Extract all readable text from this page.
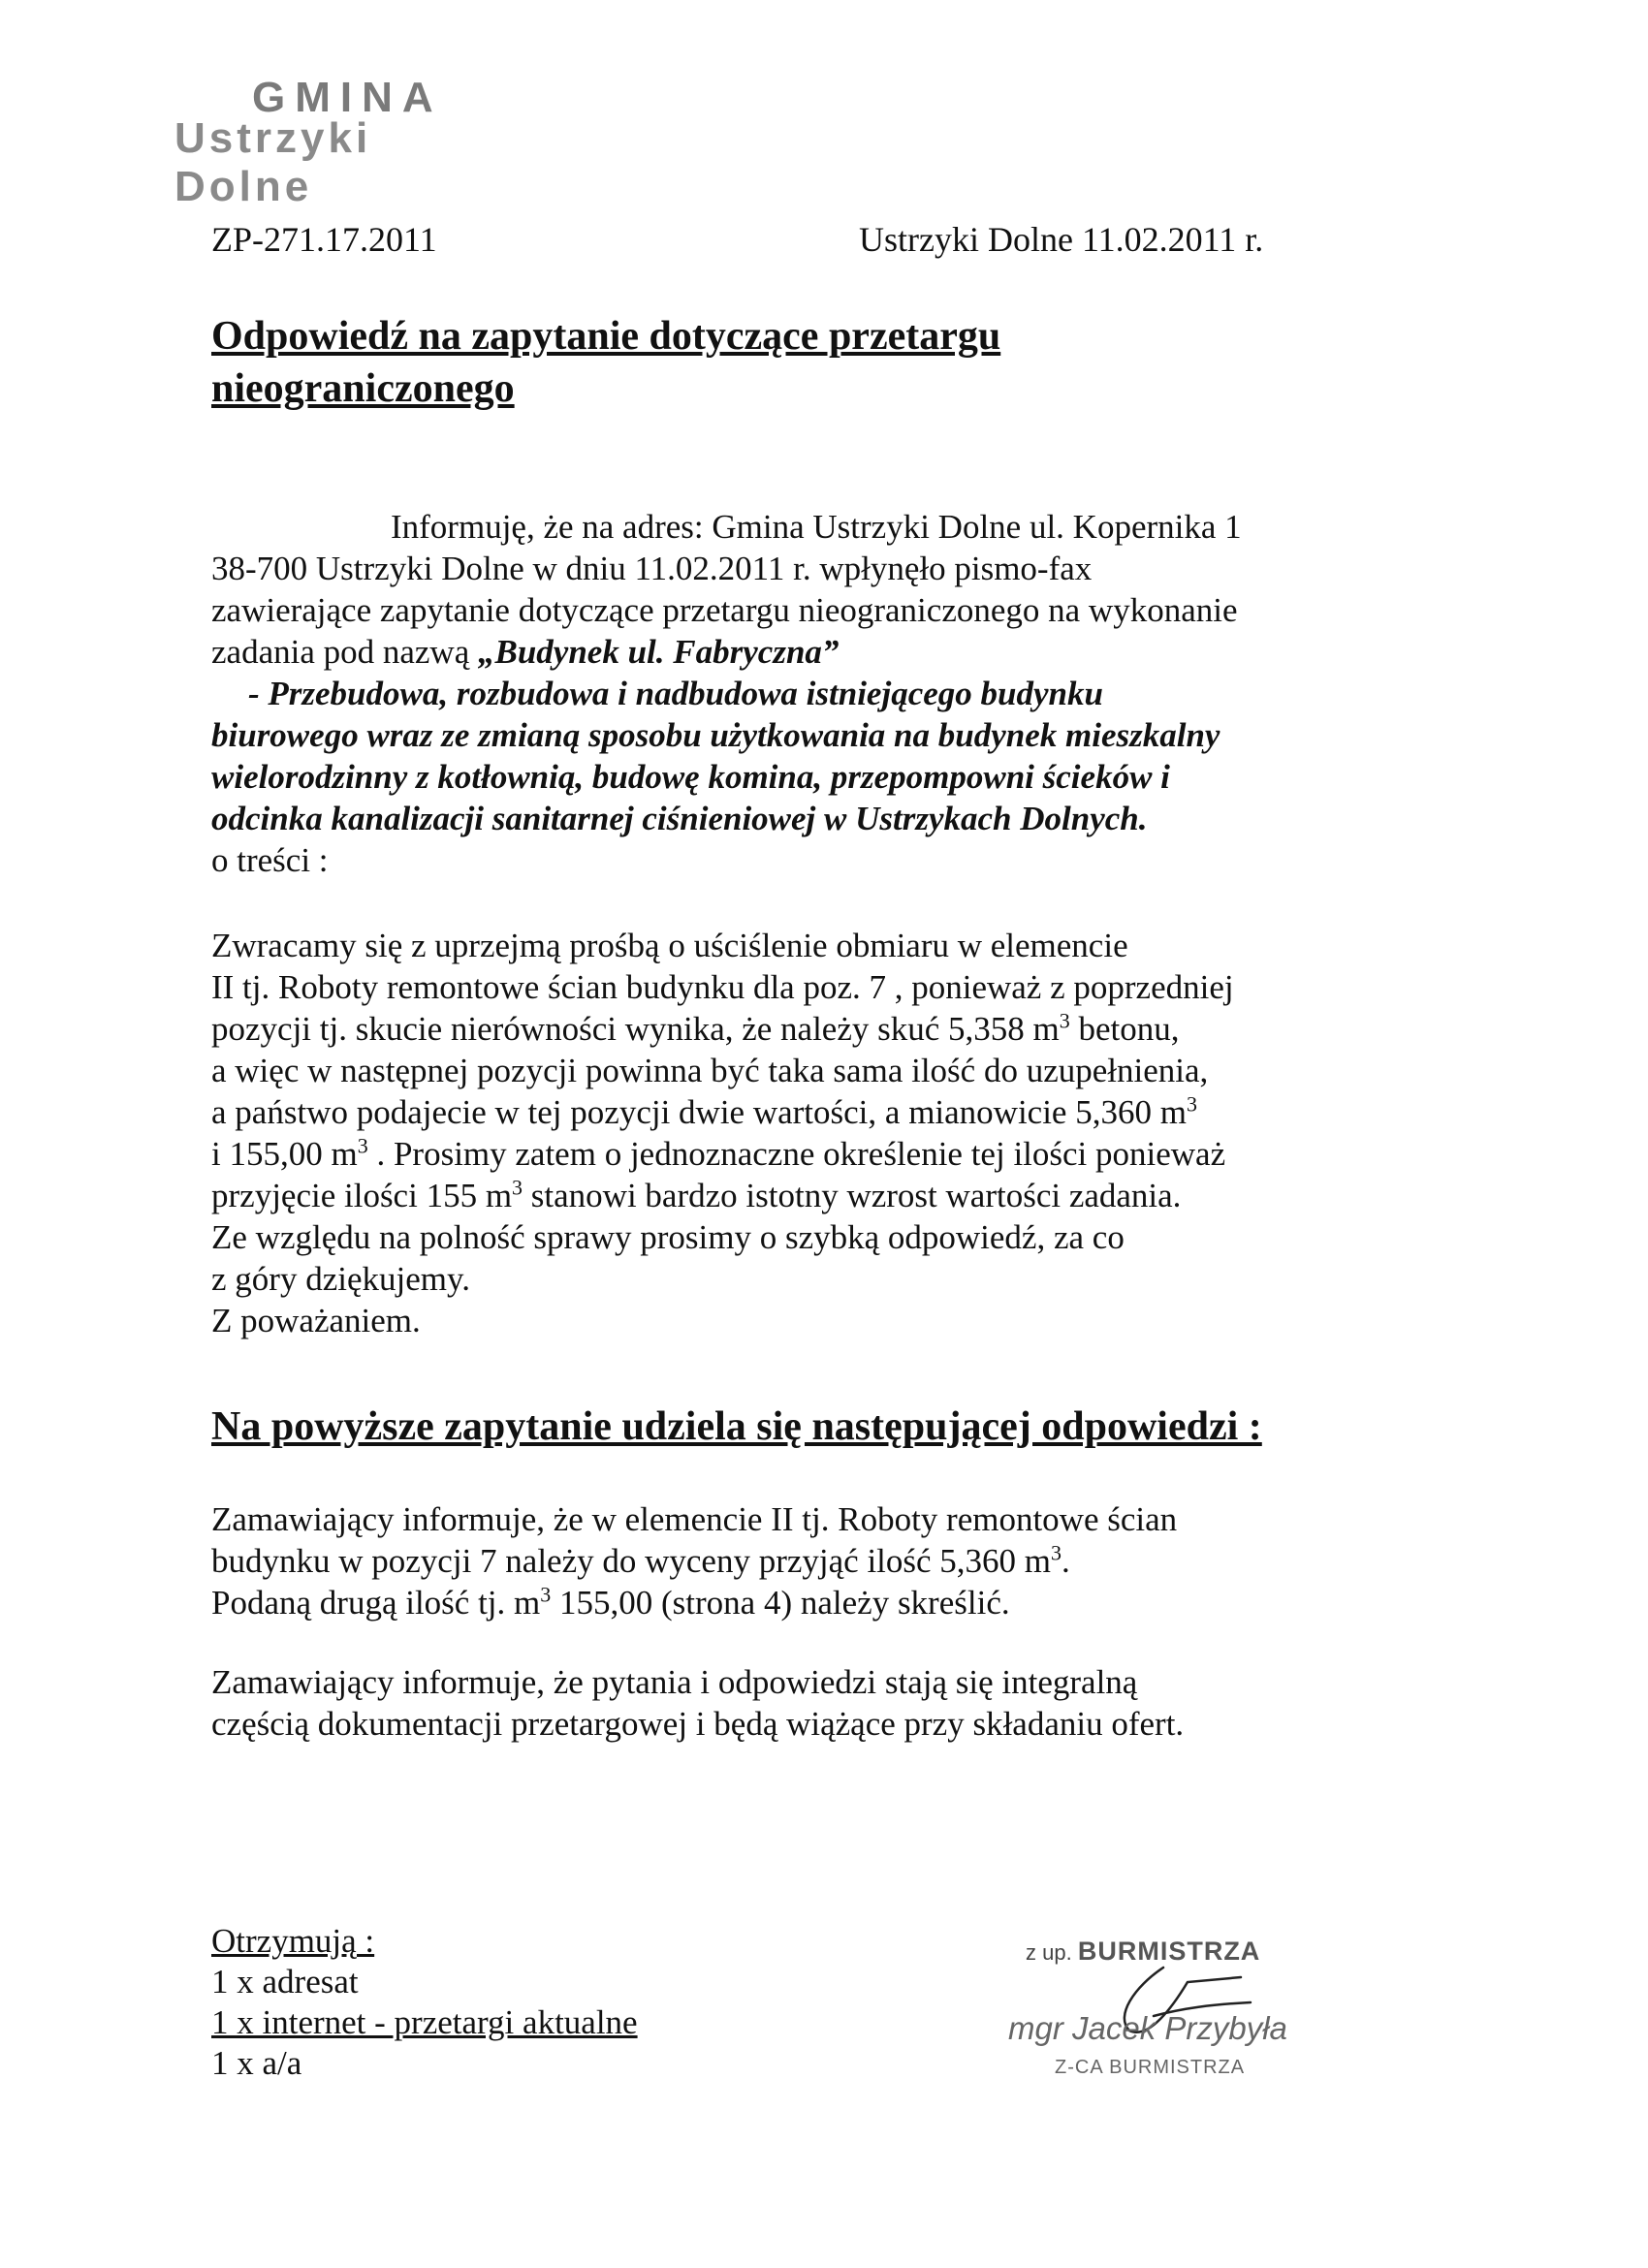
GMINA
Ustrzyki Dolne
ZP-271.17.2011	Ustrzyki Dolne 11.02.2011 r.
Odpowiedź na zapytanie dotyczące przetargu
nieograniczonego

Informuję, że na adres: Gmina Ustrzyki Dolne ul. Kopernika 1

38-700 Ustrzyki Dolne w dniu 11.02.2011 r. wpłynęło pismo-fax

zawierające zapytanie dotyczące przetargu nieograniczonego na wykonanie

zadania pod nazwą „Budynek ul. Fabryczna”

- Przebudowa, rozbudowa i nadbudowa istniejącego budynku

biurowego wraz ze zmianą sposobu użytkowania na budynek mieszkalny

wielorodzinny z kotłownią, budowę komina, przepompowni ścieków i

odcinka kanalizacji sanitarnej ciśnieniowej w Ustrzykach Dolnych.

o treści :

Zwracamy się z uprzejmą prośbą o uściślenie obmiaru w elemencie

II tj. Roboty remontowe ścian budynku dla poz. 7 , ponieważ z poprzedniej

pozycji tj. skucie nierówności wynika, że należy skuć 5,358 $m^3$ betonu,

a więc w następnej pozycji powinna być taka sama ilość do uzupełnienia,

a państwo podajecie w tej pozycji dwie wartości, a mianowicie 5,360 $m^3$

i 155,00 $m^3$ . Prosimy zatem o jednoznaczne określenie tej ilości ponieważ

przyjęcie ilości 155 $m^3$ stanowi bardzo istotny wzrost wartości zadania.

Ze względu na polność sprawy prosimy o szybką odpowiedź, za co

z góry dziękujemy.

Z poważaniem.

Na powyższe zapytanie udziela się następującej odpowiedzi :

Zamawiający informuje, że w elemencie II tj. Roboty remontowe ścian

budynku w pozycji 7 należy do wyceny przyjąć ilość 5,360 $m^3$.

Podaną drugą ilość tj. $m^3$ 155,00 (strona 4) należy skreślić.

Zamawiający informuje, że pytania i odpowiedzi stają się integralną

częścią dokumentacji przetargowej i będą wiążące przy składaniu ofert.

Otrzymują :
1 x adresat
1 x internet - przetargi aktualne
1 x a/a
z up. BURMISTRZA
mgr Jacek Przybyła
Z-CA BURMISTRZA
